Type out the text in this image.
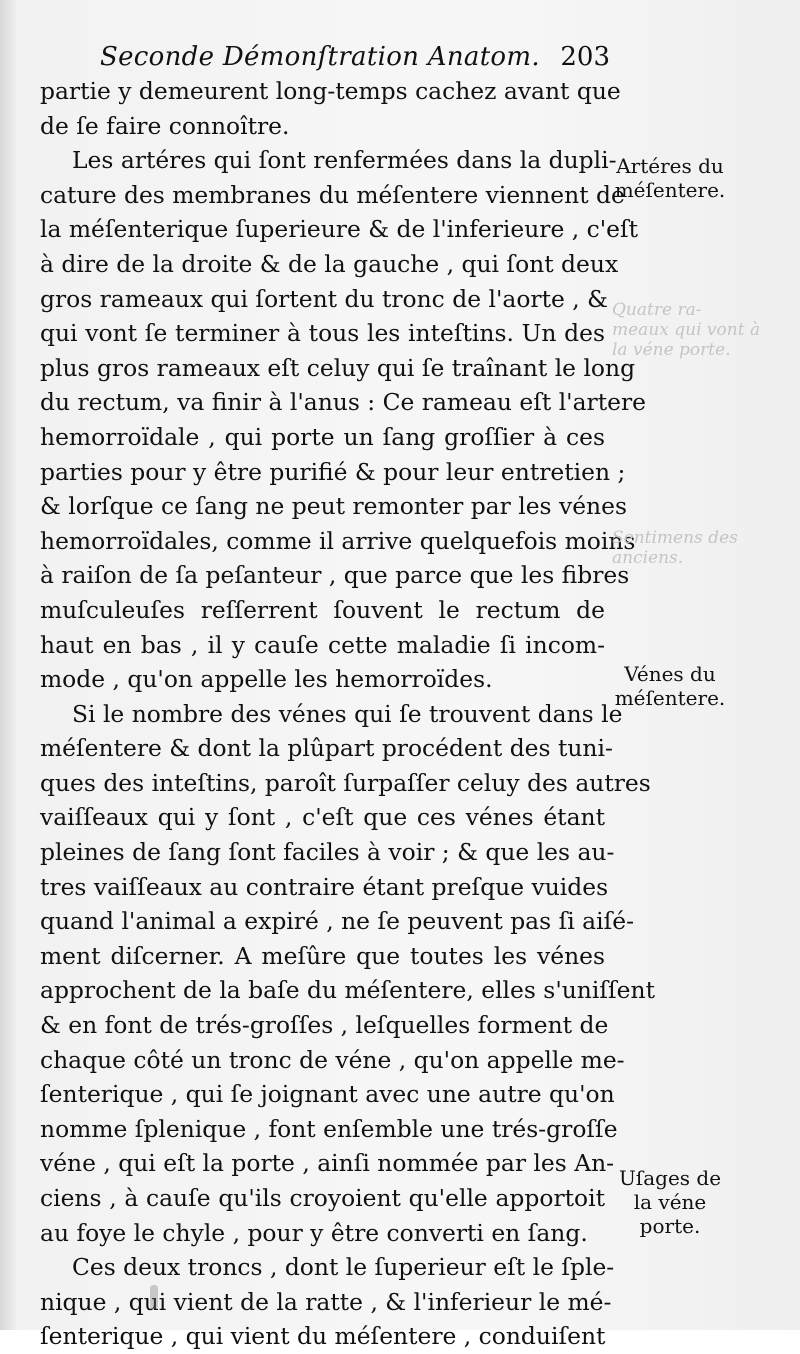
Seconde Démonſtration Anatom. 203
partie y demeurent long-temps cachez avant que
de ſe faire connoître.
Les artéres qui ſont renfermées dans la dupli-
cature des membranes du méſentere viennent de
la méſenterique ſuperieure & de l'inferieure , c'eſt
à dire de la droite & de la gauche , qui ſont deux
gros rameaux qui ſortent du tronc de l'aorte , &
qui vont ſe terminer à tous les inteſtins. Un des
plus gros rameaux eſt celuy qui ſe traînant le long
du rectum, va finir à l'anus : Ce rameau eſt l'artere
hemorroïdale , qui porte un ſang groſſier à ces
parties pour y être purifié & pour leur entretien ;
& lorſque ce ſang ne peut remonter par les vénes
hemorroïdales, comme il arrive quelquefois moins
à raiſon de ſa peſanteur , que parce que les fibres
muſculeuſes reſſerrent ſouvent le rectum de
haut en bas , il y cauſe cette maladie ſi incom-
mode , qu'on appelle les hemorroïdes.
Si le nombre des vénes qui ſe trouvent dans le
méſentere & dont la plûpart procédent des tuni-
ques des inteſtins, paroît ſurpaſſer celuy des autres
vaiſſeaux qui y ſont , c'eſt que ces vénes étant
pleines de ſang ſont faciles à voir ; & que les au-
tres vaiſſeaux au contraire étant preſque vuides
quand l'animal a expiré , ne ſe peuvent pas ſi aiſé-
ment diſcerner. A meſûre que toutes les vénes
approchent de la baſe du méſentere, elles s'uniſſent
& en font de trés-groſſes , leſquelles forment de
chaque côté un tronc de véne , qu'on appelle me-
ſenterique , qui ſe joignant avec une autre qu'on
nomme ſplenique , font enſemble une trés-groſſe
véne , qui eſt la porte , ainſi nommée par les An-
ciens , à cauſe qu'ils croyoient qu'elle apportoit
au foye le chyle , pour y être converti en ſang.
Ces deux troncs , dont le ſuperieur eſt le ſple-
nique , qui vient de la ratte , & l'inferieur le mé-
ſenterique , qui vient du méſentere , conduiſent
Quatre ra- meaux qui vont à la véne porte.
Sentimens des anciens.
Artéres du méſentere.
Vénes du méſentere.
Uſages de la véne porte.
